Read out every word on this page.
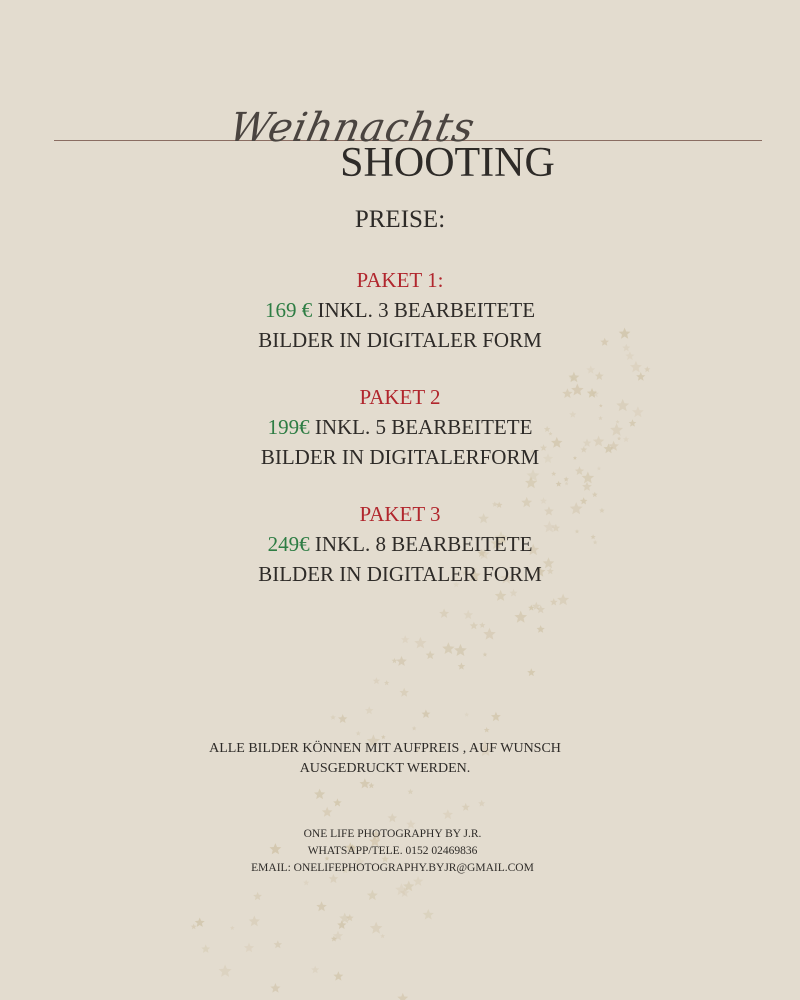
Weihnachts
SHOOTING
PREISE:
PAKET 1:
169 € INKL. 3 BEARBEITETE
BILDER IN DIGITALER FORM
PAKET 2
199€ INKL. 5 BEARBEITETE
BILDER IN DIGITALERFORM
PAKET 3
249€ INKL. 8 BEARBEITETE
BILDER IN DIGITALER FORM
ALLE BILDER KÖNNEN MIT AUFPREIS , AUF WUNSCH
AUSGEDRUCKT WERDEN.
ONE LIFE PHOTOGRAPHY BY J.R.
WHATSAPP/TELE. 0152 02469836
EMAIL: ONELIFEPHOTOGRAPHY.BYJR@GMAIL.COM
